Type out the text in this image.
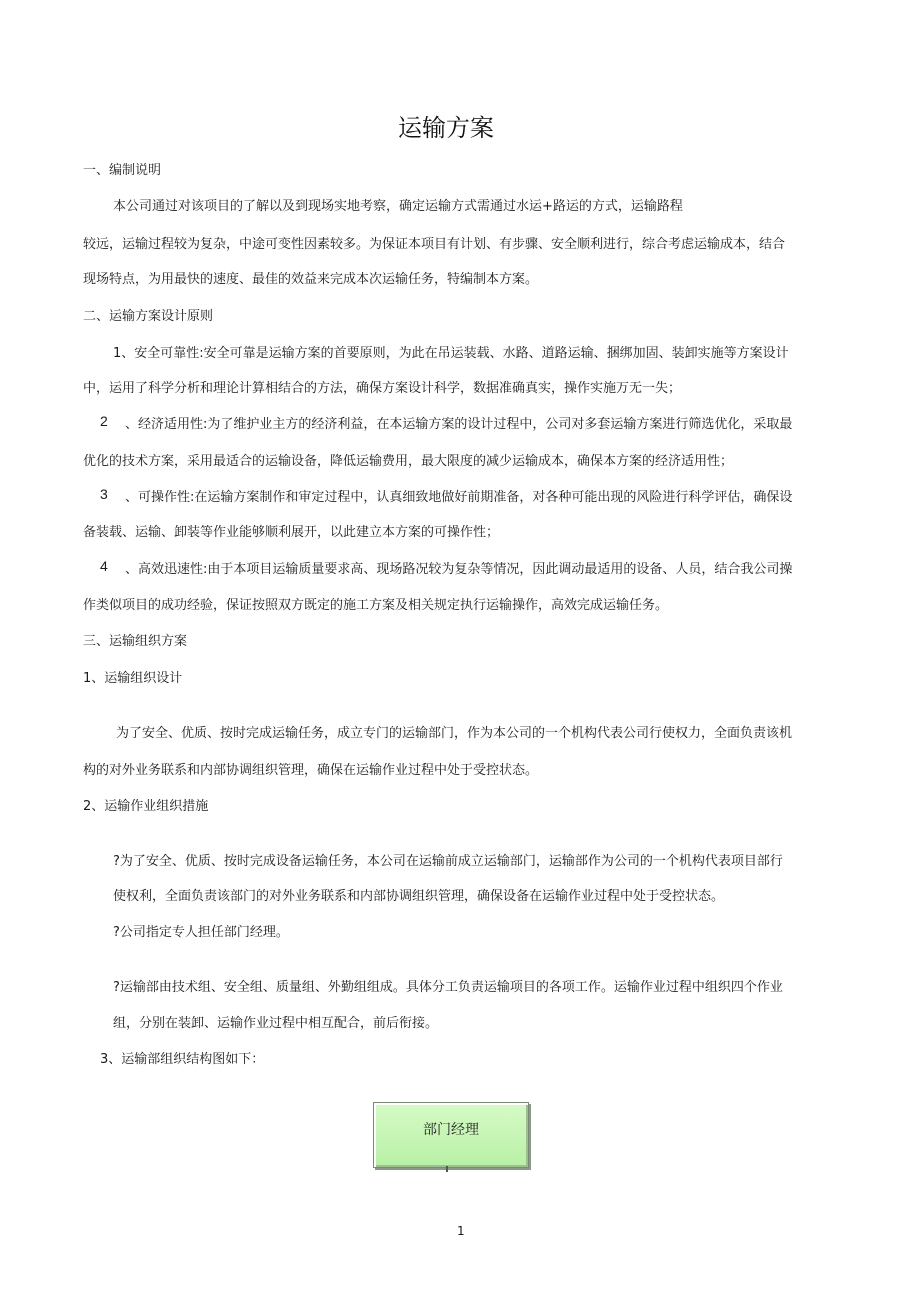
运输方案
一、编制说明
本公司通过对该项目的了解以及到现场实地考察，确定运输方式需通过水运+路运的方式，运输路程
较远，运输过程较为复杂，中途可变性因素较多。为保证本项目有计划、有步骤、安全顺利进行，综合考虑运输成本，结合
现场特点，为用最快的速度、最佳的效益来完成本次运输任务，特编制本方案。
二、运输方案设计原则
1、安全可靠性:安全可靠是运输方案的首要原则，为此在吊运装载、水路、道路运输、捆绑加固、装卸实施等方案设计
中，运用了科学分析和理论计算相结合的方法，确保方案设计科学，数据准确真实，操作实施万无一失；
2 、经济适用性:为了维护业主方的经济利益，在本运输方案的设计过程中，公司对多套运输方案进行筛选优化，采取最
优化的技术方案，采用最适合的运输设备，降低运输费用，最大限度的减少运输成本，确保本方案的经济适用性；
3 、可操作性:在运输方案制作和审定过程中，认真细致地做好前期准备，对各种可能出现的风险进行科学评估，确保设
备装载、运输、卸装等作业能够顺利展开，以此建立本方案的可操作性；
4 、高效迅速性:由于本项目运输质量要求高、现场路况较为复杂等情况，因此调动最适用的设备、人员，结合我公司操
作类似项目的成功经验，保证按照双方既定的施工方案及相关规定执行运输操作，高效完成运输任务。
三、运输组织方案
1、运输组织设计
为了安全、优质、按时完成运输任务，成立专门的运输部门，作为本公司的一个机构代表公司行使权力，全面负责该机
构的对外业务联系和内部协调组织管理，确保在运输作业过程中处于受控状态。
2、运输作业组织措施
?为了安全、优质、按时完成设备运输任务，本公司在运输前成立运输部门，运输部作为公司的一个机构代表项目部行
使权利，全面负责该部门的对外业务联系和内部协调组织管理，确保设备在运输作业过程中处于受控状态。
?公司指定专人担任部门经理。
?运输部由技术组、安全组、质量组、外勤组组成。具体分工负责运输项目的各项工作。运输作业过程中组织四个作业
组，分别在装卸、运输作业过程中相互配合，前后衔接。
3、运输部组织结构图如下：
部门经理
1
